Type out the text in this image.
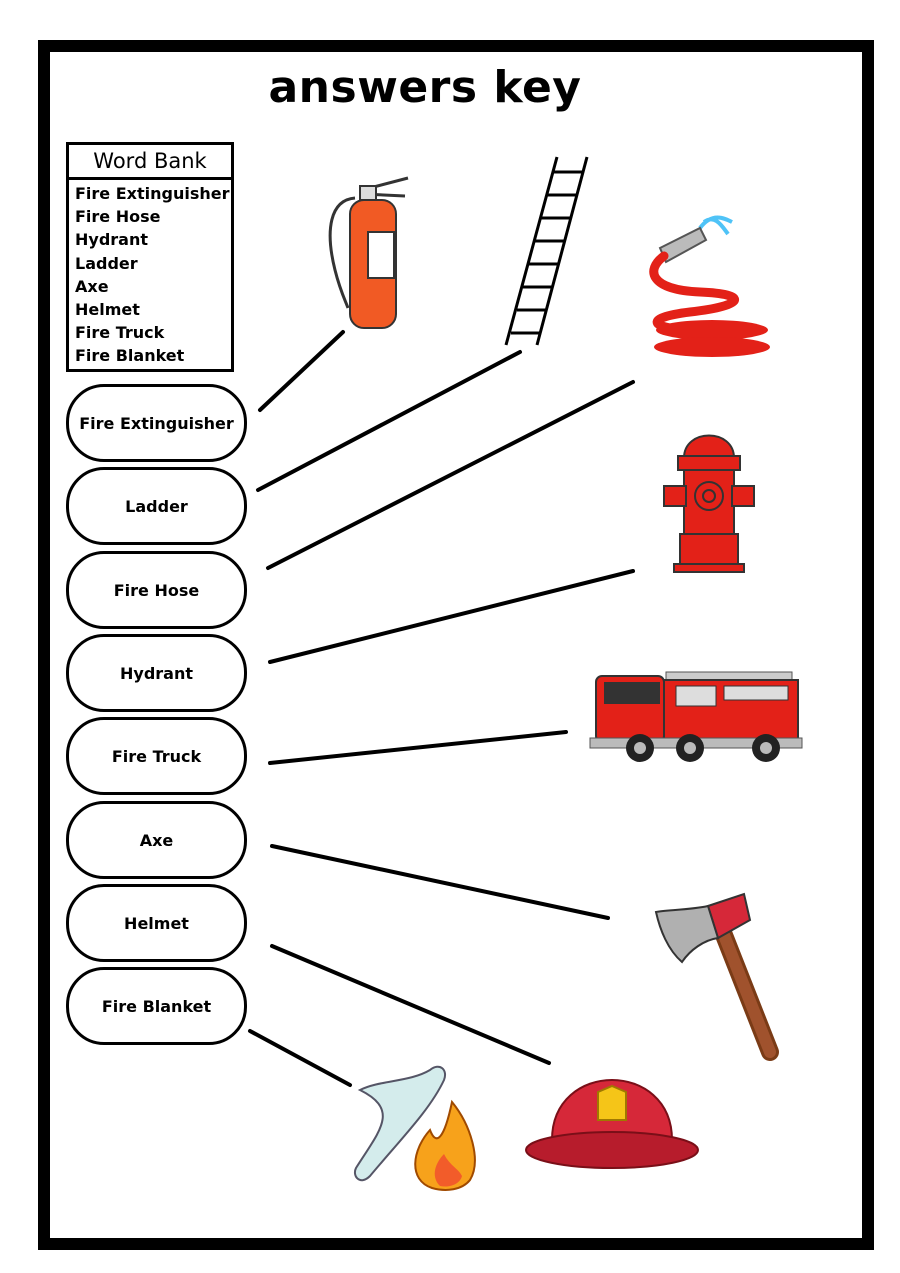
answers key
Word Bank
Fire Extinguisher
Fire Hose
Hydrant
Ladder
Axe
Helmet
Fire Truck
Fire Blanket
Fire Extinguisher
Ladder
Fire Hose
Hydrant
Fire Truck
Axe
Helmet
Fire Blanket
